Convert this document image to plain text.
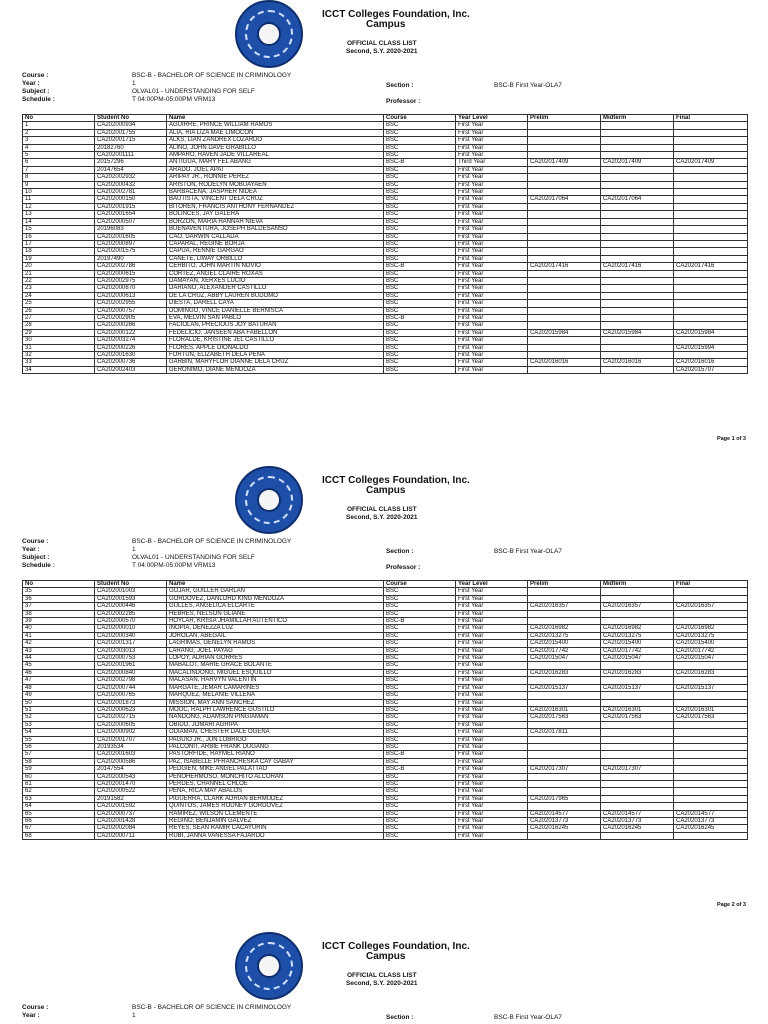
ICCT Colleges Foundation, Inc.
Campus
OFFICIAL CLASS LIST
Second, S.Y. 2020-2021
Course :	BSC-B - BACHELOR OF SCIENCE IN CRIMINOLOGY
Year :	1	Section :	BSC-B First Year-OLA7
Subject :	OLVAL01 - UNDERSTANDING FOR SELF
Schedule :	T 04:00PM-05:00PM VRM13	Professor :
No	Student No	Name	Course	Year Level	Prelim	Midterm	Final
1	CA202000934	AGUIRRE, PRINCE WILLIAM RAMOS	BSC	First Year			
2	CA202001755	ALIA, RIA LIZA MAE LIMOCON	BSC	First Year			
3	CA202001715	ALKS, LIAN ZANDREX LOZARDO	BSC	First Year			
4	20182760	ALINO, JOHN DAVE GRABILLO	BSC	First Year			
5	CA202001111	AMPARO, RAVEN JADE VILLAREAL	BSC	First Year			
6	20157296	ANTIGUA, MARY FEL ABANG	BSC-B	Third Year	CA202017409	CA202017409	CA202017409
7	20147654	ARADO, JOEL APAT	BSC	First Year			
8	CA202002932	ARIPAY JR., RONNIE PEREZ	BSC	First Year			
9	CA202000432	ARISTON, RODELYN MOBUAYAEN	BSC	First Year			
10	CA202002781	BARBACENA, JASPHER NIDEA	BSC	First Year			
11	CA202000150	BAUTISTA, VINCENT DELA CRUZ	BSC	First Year	CA202017064	CA202017064	
12	CA202001915	BITOREN, FRANCIS ANTHONY FERNANDEZ	BSC	First Year			
13	CA202001654	BOLINCES, JAY GALERA	BSC	First Year			
14	CA202000507	BORZON, MARIA HANNAH NIEVA	BSC	First Year			
15	20196083	BUENAVENTURA, JOSEPH BALDESANSO	BSC	First Year			
16	CA202001605	CAO, DARWIN CALLADA	BSC	First Year			
17	CA202000897	CAPARAL, REGINE BORJA	BSC	First Year			
18	CA202001575	CAPUA, RENNIE GARGAO	BSC	First Year			
19	20197490	CANETE, LIWAY ORBILLO	BSC	First Year			
20	CA202002786	CERBITO, JOHN MARTIN NOVIO	BSC-B	First Year	CA202017416	CA202017416	CA202017416
21	CA202000615	CORTEZ, ANGEL CLAIRE ROXAS	BSC	First Year			
22	CA202002975	DAMAYAN, XERXES LUCIO	BSC	First Year			
23	CA202000870	DARIANO, ALEXANDER CASTILLO	BSC	First Year			
24	CA202000613	DE LA CRUZ, ABBY LAUREN BUDOMO	BSC	First Year			
25	CA202002955	DIESTA, DARELL CAYA	BSC	First Year			
26	CA202000757	DOMINGO, VINCE DANIELLE BERNISCA	BSC	First Year			
27	CA202002905	EVA, MELVIN SAN PABLO	BSC-B	First Year			
28	CA202000266	FACIOLAN, PRECIOUS JOY BATURAN	BSC	First Year			
29	CA202000122	FEDELICIO, JANSEEN ABA FABELLON	BSC	First Year	CA202015984	CA202015984	CA202015984
30	CA202003274	FLORALDE, KRISTINE JEL CASTILLO	BSC	First Year			
31	CA202000226	FLORES, APPLE DIONALDO	BSC	First Year			CA202015994
32	CA202001630	FORTUN, ELIZABETH DELA PEÑA	BSC	First Year			
33	CA202000736	GARBIN, MARYFLOR DIANNE DELA CRUZ	BSC	First Year	CA202016016	CA202016016	CA202016016
34	CA202002403	GERONIMO, DIANE MENDOZA	BSC	First Year			CA202015707
Page 1 of 3
ICCT Colleges Foundation, Inc.
Campus
OFFICIAL CLASS LIST
Second, S.Y. 2020-2021
Course :	BSC-B - BACHELOR OF SCIENCE IN CRIMINOLOGY
Year :	1	Section :	BSC-B First Year-OLA7
Subject :	OLVAL01 - UNDERSTANDING FOR SELF
Schedule :	T 04:00PM-05:00PM VRM13	Professor :
No	Student No	Name	Course	Year Level	Prelim	Midterm	Final
35	CA202001003	GOJAR, GUILLER GARLAN	BSC	First Year			
36	CA202001593	GORDOVEZ, DANLORD KING MENDOZA	BSC	First Year			
37	CA202000446	GULLES, ANGELICA ELCARTE	BSC	First Year	CA202016357	CA202016357	CA202016357
38	CA202002285	HEBRES, NELSON GLIANE	BSC	First Year			
39	CA202000570	HOYLAR, KRISIA JHAMILLAH AUTENTICO	BSC-B	First Year			
40	CA202000010	INOPIA, DENEZZA LUZ	BSC	First Year	CA202016982	CA202016982	CA202016982
41	CA202000340	JOROLAN, ABEGAIL	BSC	First Year	CA202013275	CA202013275	CA202013275
42	CA202001317	LAGRIMAS, GENELYN RAMOS	BSC	First Year	CA202015400	CA202015400	CA202015400
43	CA202003013	LARANG, JOEL PAYAG	BSC	First Year	CA202017742	CA202017742	CA202017742
44	CA202000753	LOPOY, ADRIAN GORRES	BSC	First Year	CA202015047	CA202015047	CA202015047
45	CA202001961	MABALOT, MARIE GRACE BOLANTE	BSC	First Year			
46	CA202000840	MACALINDONG, MIGUEL ESQUILLO	BSC	First Year	CA202016283	CA202016283	CA202016283
47	CA202002798	MALASAN, HARVYN VALENTIN	BSC	First Year			
48	CA202000744	MARGATE, JEMAR CAMARINES	BSC	First Year	CA202015137	CA202015137	CA202015137
49	CA202000765	MARQUEZ, MELANIE VILLENA	BSC	First Year			
50	CA202001873	MISSION, MAY ANN SANCHEZ	BSC	First Year			
51	CA202000623	MOOC, RALPH LAWRENCE GUSTILO	BSC	First Year	CA202016301	CA202016301	CA202016301
52	CA202002715	NANDONG, ADAMSON PINGIAMAN	BSC	First Year	CA202017563	CA202017563	CA202017563
53	CA202000605	OBIDO, JOMARI AGRIPA	BSC	First Year			
54	CA202000902	ODIAMAN, CHESTER DALE OGENA	BSC	First Year	CA202017811		
55	CA202001707	PAGUIO JR., JUN LOBRIGO	BSC	First Year			
56	20193534	PALCONIT, ARBIE FRANK DUGANG	BSC	First Year			
57	CA202001603	PASTORFIDE, RAYMEL RIANO	BSC-B	First Year			
58	CA202000586	PAZ, ISABELLE PFRANCHESKA CAY GABAY	BSC	First Year			
59	20147554	PEDGIEN, MIKE ANGEL PALATTAO	BSC-B	First Year	CA202017307	CA202017307	
60	CA202000543	PENOHERMOSO, MONCHITO ALCORAN	BSC	First Year			
61	CA202001470	PERDES, CHANNEL CHLOE	BSC	First Year			
62	CA202000522	PENA, RICA MAY ABALOS	BSC	First Year			
63	20191582	PIGUERRA, CLARK ADRIAN BERMUDEZ	BSC	First Year	CA202017965		
64	CA202001592	QUINTOS, JAMES RODNEY GORDOVEZ	BSC	First Year			
65	CA202000737	RAMIREZ, WILSON CLEMENTE	BSC	First Year	CA202014577	CA202014577	CA202014577
66	CA202001428	REGINO, BENJAMIN GALVEZ	BSC	First Year	CA202013773	CA202013773	CA202013773
67	CA202002084	REYES, SEAN RAMIR CACAYURIN	BSC	First Year	CA202016245	CA202016245	CA202016245
68	CA202000711	RUBI, JANNA VANESSA FAJARDO	BSC	First Year			
Page 2 of 3
ICCT Colleges Foundation, Inc.
Campus
OFFICIAL CLASS LIST
Second, S.Y. 2020-2021
Course :	BSC-B - BACHELOR OF SCIENCE IN CRIMINOLOGY
Year :	1	Section :	BSC-B First Year-OLA7
